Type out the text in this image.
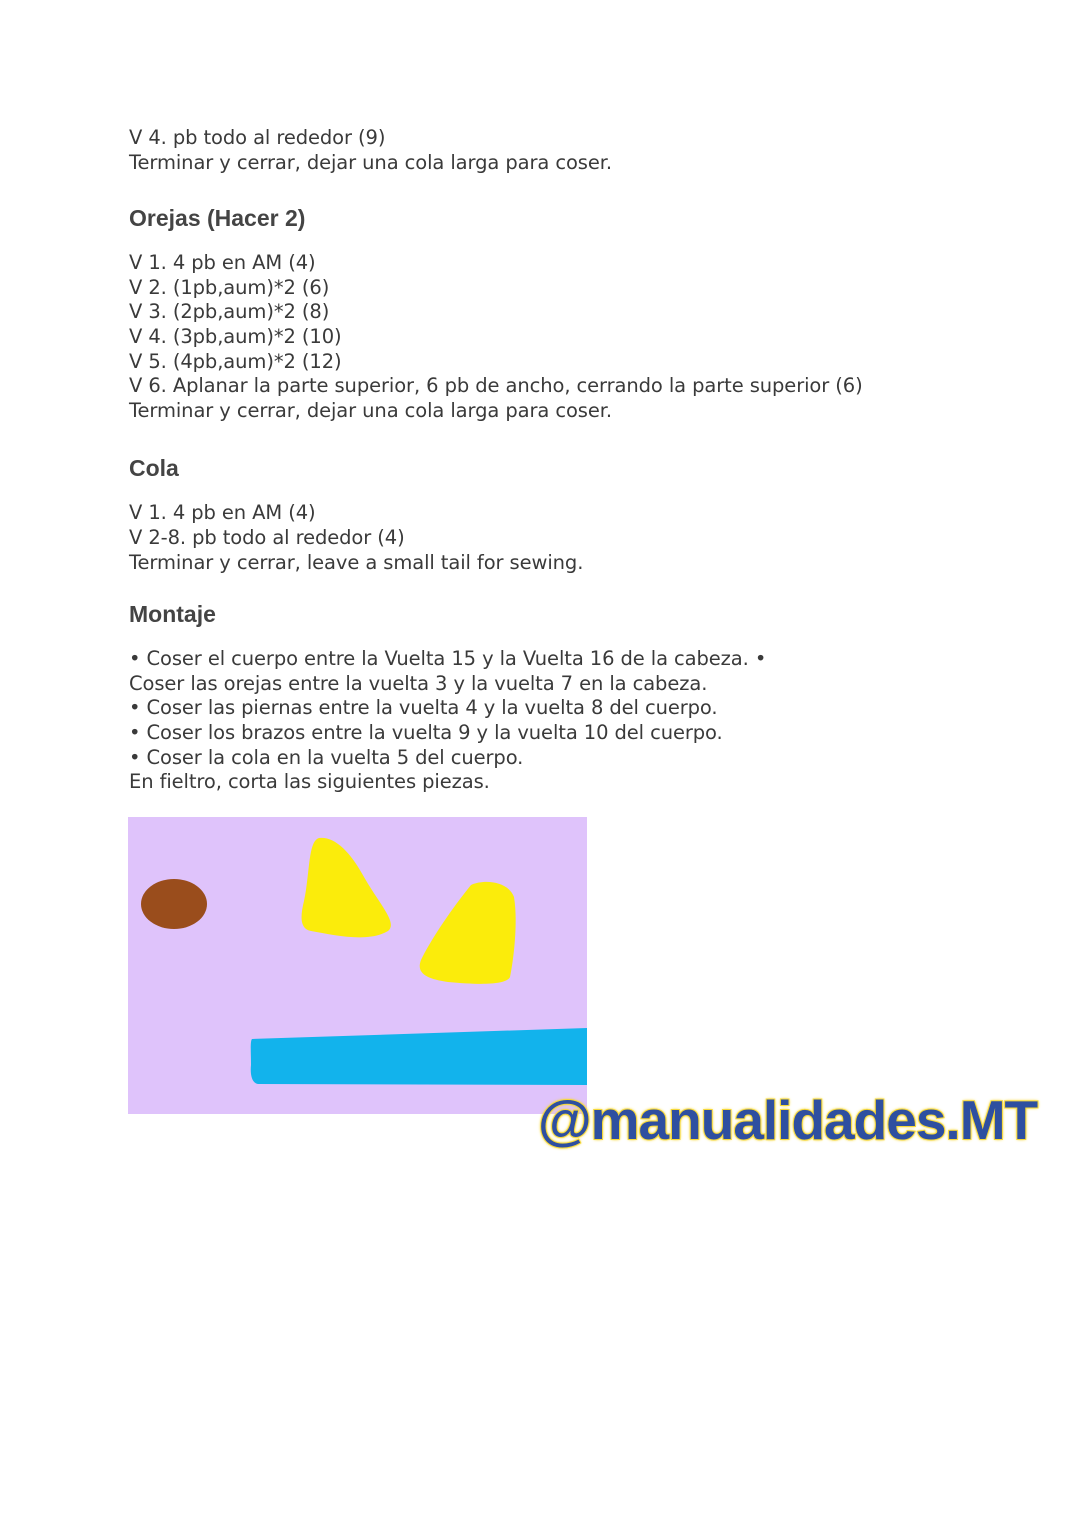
V 4. pb todo al rededor (9)
Terminar y cerrar, dejar una cola larga para coser.
Orejas (Hacer 2)
V 1. 4 pb en AM (4)
V 2. (1pb,aum)*2 (6)
V 3. (2pb,aum)*2 (8)
V 4. (3pb,aum)*2 (10)
V 5. (4pb,aum)*2 (12)
V 6. Aplanar la parte superior, 6 pb de ancho, cerrando la parte superior (6)
Terminar y cerrar, dejar una cola larga para coser.
Cola
V 1. 4 pb en AM (4)
V 2-8. pb todo al rededor (4)
Terminar y cerrar, leave a small tail for sewing.
Montaje
• Coser el cuerpo entre la Vuelta 15 y la Vuelta 16 de la cabeza. •
Coser las orejas entre la vuelta 3 y la vuelta 7 en la cabeza.
• Coser las piernas entre la vuelta 4 y la vuelta 8 del cuerpo.
• Coser los brazos entre la vuelta 9 y la vuelta 10 del cuerpo.
• Coser la cola en la vuelta 5 del cuerpo.
En fieltro, corta las siguientes piezas.
@manualidades.MT
